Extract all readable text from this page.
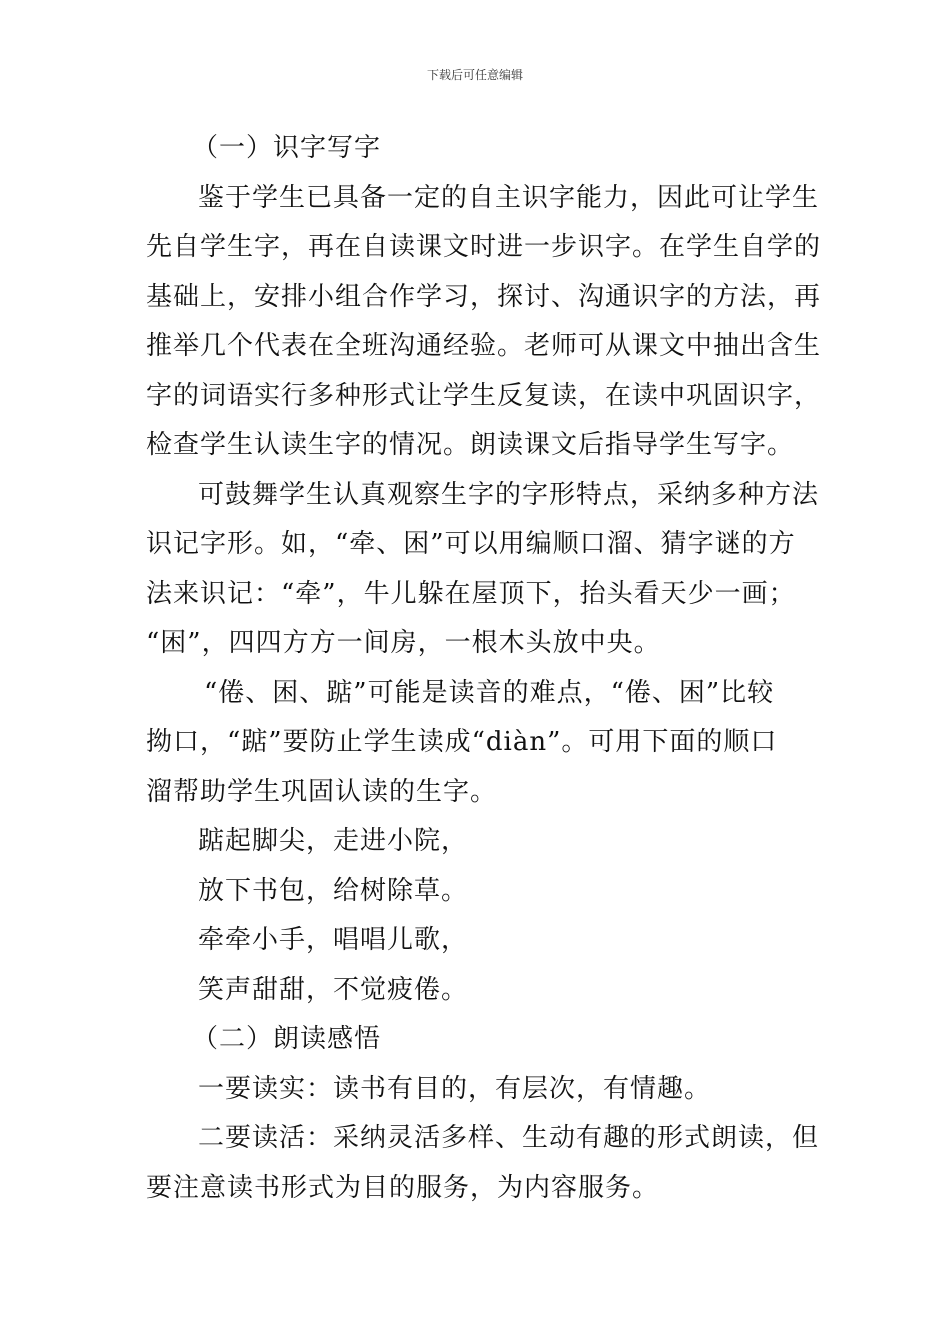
下载后可任意编辑
（一）识字写字
鉴于学生已具备一定的自主识字能力，因此可让学生
先自学生字，再在自读课文时进一步识字。在学生自学的
基础上，安排小组合作学习，探讨、沟通识字的方法，再
推举几个代表在全班沟通经验。老师可从课文中抽出含生
字的词语实行多种形式让学生反复读，在读中巩固识字，
检查学生认读生字的情况。朗读课文后指导学生写字。
可鼓舞学生认真观察生字的字形特点，采纳多种方法
识记字形。如，“牵、困”可以用编顺口溜、猜字谜的方
法来识记：“牵”，牛儿躲在屋顶下，抬头看天少一画；
“困”，四四方方一间房，一根木头放中央。
“倦、困、踮”可能是读音的难点，“倦、困”比较
拗口，“踮”要防止学生读成“diàn”。可用下面的顺口
溜帮助学生巩固认读的生字。
踮起脚尖，走进小院，
放下书包，给树除草。
牵牵小手，唱唱儿歌，
笑声甜甜，不觉疲倦。
（二）朗读感悟
一要读实：读书有目的，有层次，有情趣。
二要读活：采纳灵活多样、生动有趣的形式朗读，但
要注意读书形式为目的服务，为内容服务。
